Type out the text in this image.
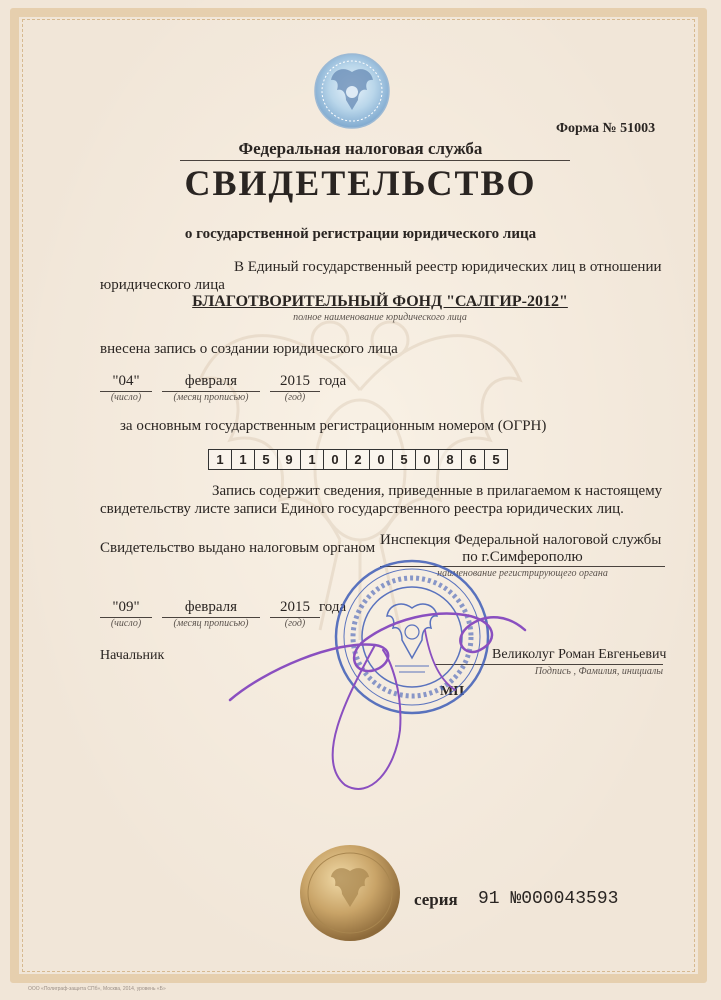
Форма № 51003
Федеральная налоговая служба
СВИДЕТЕЛЬСТВО
о государственной регистрации юридического лица
В Единый государственный реестр юридических лиц в отношении
юридического лица
БЛАГОТВОРИТЕЛЬНЫЙ ФОНД "САЛГИР-2012"
полное наименование юридического лица
внесена запись о создании юридического лица
"04"
(число)
февраля
(месяц прописью)
2015
(год)
года
за основным государственным регистрационным номером (ОГРН)
1	1	5	9	1	0	2	0	5	0	8	6	5
Запись содержит сведения, приведенные в прилагаемом к настоящему
свидетельству листе записи Единого государственного реестра юридических лиц.
Свидетельство выдано налоговым органом Инспекция Федеральной налоговой службы
по г.Симферополю
наименование регистрирующего органа
"09"
(число)
февраля
(месяц прописью)
2015
(год)
года
Начальник	Великолуг Роман Евгеньевич
Подпись , Фамилия, инициалы
МП
серия 91 №000043593
ООО «Полиграф-защита СПб», Москва, 2014, уровень «Б»
